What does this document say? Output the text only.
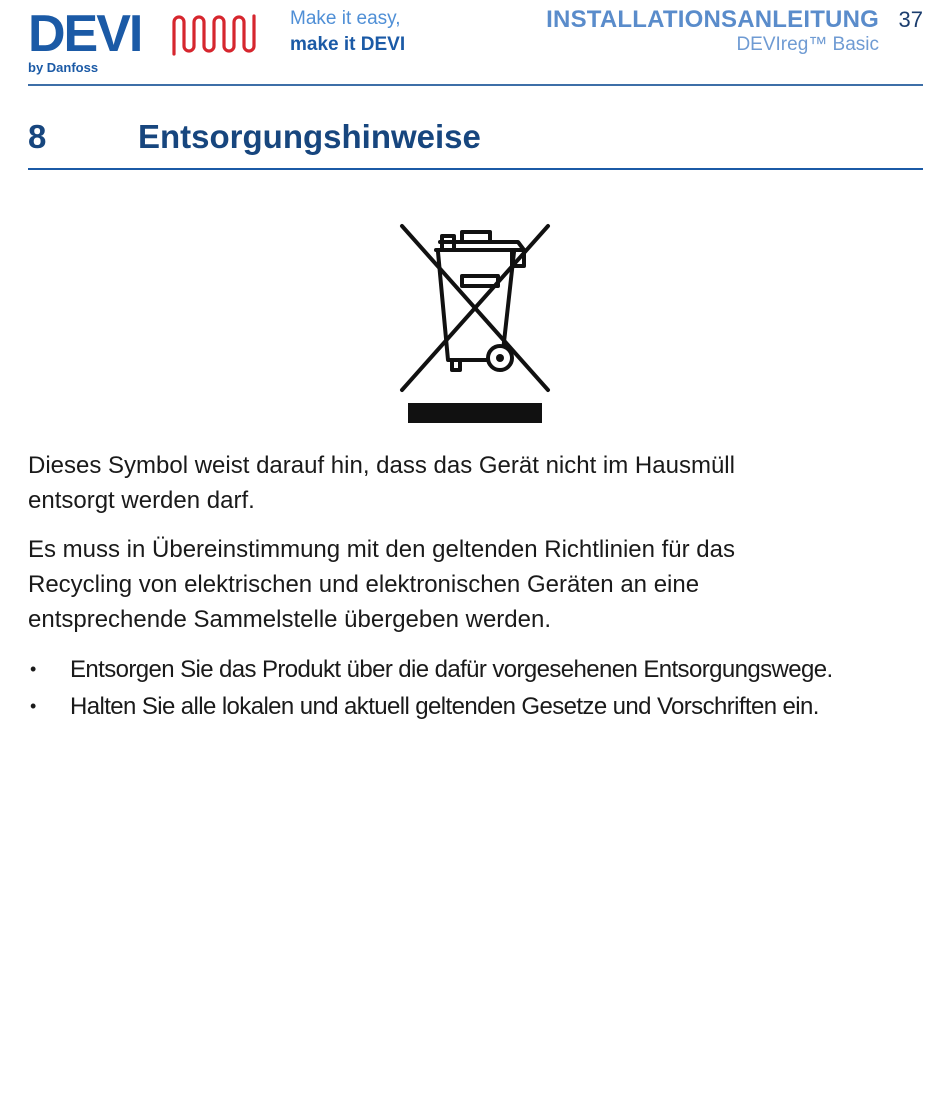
DEVI
by Danfoss
Make it easy,
make it DEVI
INSTALLATIONSANLEITUNG
DEVIreg™ Basic
37
8	Entsorgungshinweise

Dieses Symbol weist darauf hin, dass das Gerät nicht im Hausmüll entsorgt werden darf.

Es muss in Übereinstimmung mit den geltenden Richtlinien für das Recycling von elektrischen und elektronischen Geräten an eine entsprechende Sammelstelle übergeben werden.

• Entsorgen Sie das Produkt über die dafür vorgesehenen Entsorgungswege.
• Halten Sie alle lokalen und aktuell geltenden Gesetze und Vorschriften ein.
